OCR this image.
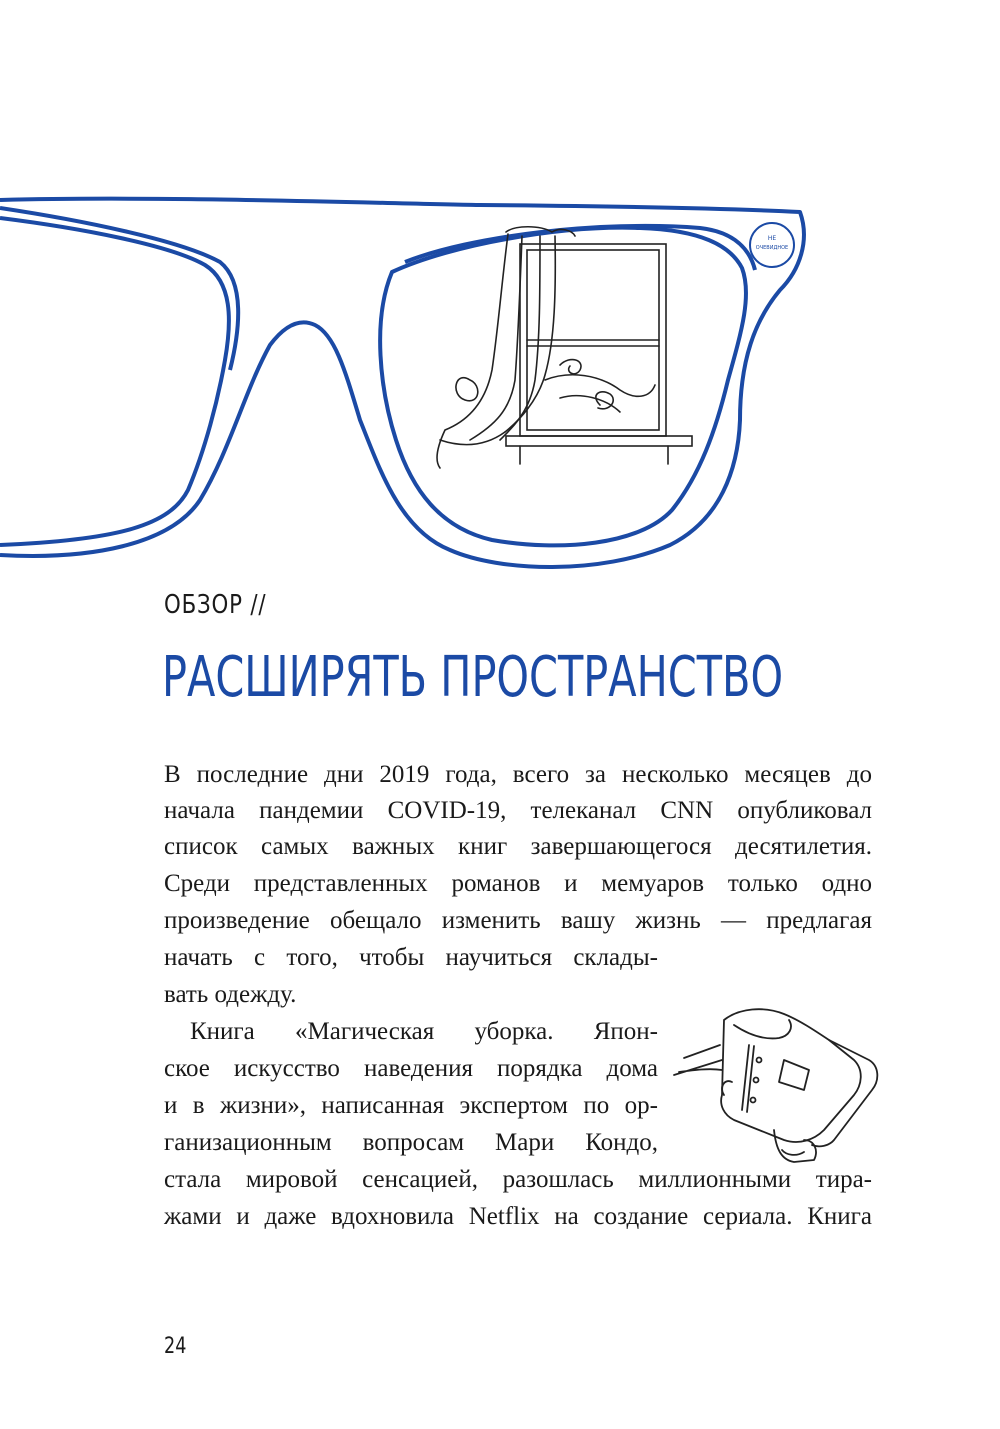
НЕ
ОЧЕВИДНОЕ
ОБЗОР //
РАСШИРЯТЬ ПРОСТРАНСТВО
В последние дни 2019 года, всего за несколько месяцев до
начала пандемии COVID-19, телеканал CNN опубликовал
список самых важных книг завершающегося десятилетия.
Среди представленных романов и мемуаров только одно
произведение обещало изменить вашу жизнь — предлагая
начать с того, чтобы научиться склады-
вать одежду.
Книга «Магическая уборка. Япон-
ское искусство наведения порядка дома
и в жизни», написанная экспертом по ор-
ганизационным вопросам Мари Кондо,
стала мировой сенсацией, разошлась миллионными тира-
жами и даже вдохновила Netflix на создание сериала. Книга
24
